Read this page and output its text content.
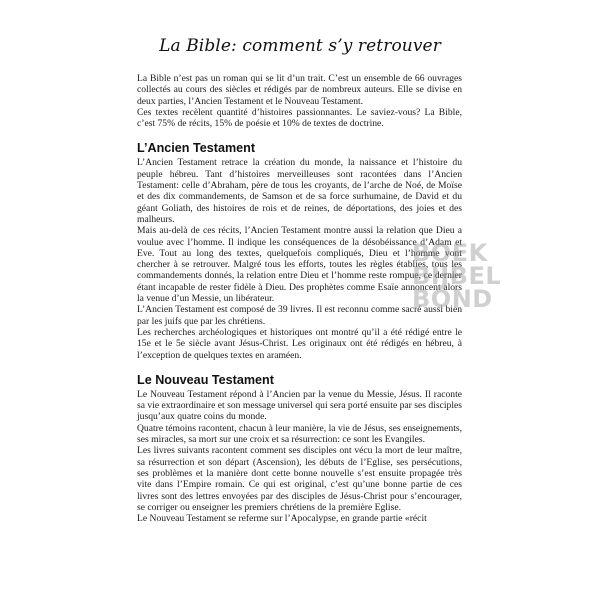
La Bible: comment s’y retrouver

La Bible n’est pas un roman qui se lit d’un trait. C’est un ensemble de 66 ouvrages collectés au cours des siècles et rédigés par de nombreux auteurs. Elle se divise en deux parties, l’Ancien Testament et le Nouveau Testament.

Ces textes recèlent quantité d’histoires passionnantes. Le saviez-vous? La Bible, c’est 75% de récits, 15% de poésie et 10% de textes de doctrine.

L’Ancien Testament

L’Ancien Testament retrace la création du monde, la naissance et l’histoire du peuple hébreu. Tant d’histoires merveilleuses sont racontées dans l’Ancien Testament: celle d’Abraham, père de tous les croyants, de l’arche de Noé, de Moïse et des dix commandements, de Samson et de sa force surhumaine, de David et du géant Goliath, des histoires de rois et de reines, de déportations, des joies et des malheurs.

Mais au-delà de ces récits, l’Ancien Testament montre aussi la relation que Dieu a voulue avec l’homme. Il indique les conséquences de la désobéissance d’Adam et Eve. Tout au long des textes, quelquefois compliqués, Dieu et l’homme vont chercher à se retrouver. Malgré tous les efforts, toutes les règles établies, tous les commandements donnés, la relation entre Dieu et l’homme reste rompue, ce dernier étant incapable de rester fidèle à Dieu. Des prophètes comme Esaïe annoncent alors la venue d’un Messie, un libérateur.

L’Ancien Testament est composé de 39 livres. Il est reconnu comme sacré aussi bien par les juifs que par les chrétiens.

Les recherches archéologiques et historiques ont montré qu’il a été rédigé entre le 15e et le 5e siècle avant Jésus-Christ. Les originaux ont été rédigés en hébreu, à l’exception de quelques textes en araméen.

Le Nouveau Testament

Le Nouveau Testament répond à l’Ancien par la venue du Messie, Jésus. Il raconte sa vie extraordinaire et son message universel qui sera porté ensuite par ses disciples jusqu’aux quatre coins du monde.

Quatre témoins racontent, chacun à leur manière, la vie de Jésus, ses enseignements, ses miracles, sa mort sur une croix et sa résurrection: ce sont les Evangiles.

Les livres suivants racontent comment ses disciples ont vécu la mort de leur maître, sa résurrection et son départ (Ascension), les débuts de l’Eglise, ses persécutions, ses problèmes et la manière dont cette bonne nouvelle s’est ensuite propagée très vite dans l’Empire romain. Ce qui est original, c’est qu’une bonne partie de ces livres sont des lettres envoyées par des disciples de Jésus-Christ pour s’encourager, se corriger ou enseigner les premiers chrétiens de la première Eglise.

Le Nouveau Testament se referme sur l’Apocalypse, en grande partie «récit

BOEK
BIJBEL
BOND
